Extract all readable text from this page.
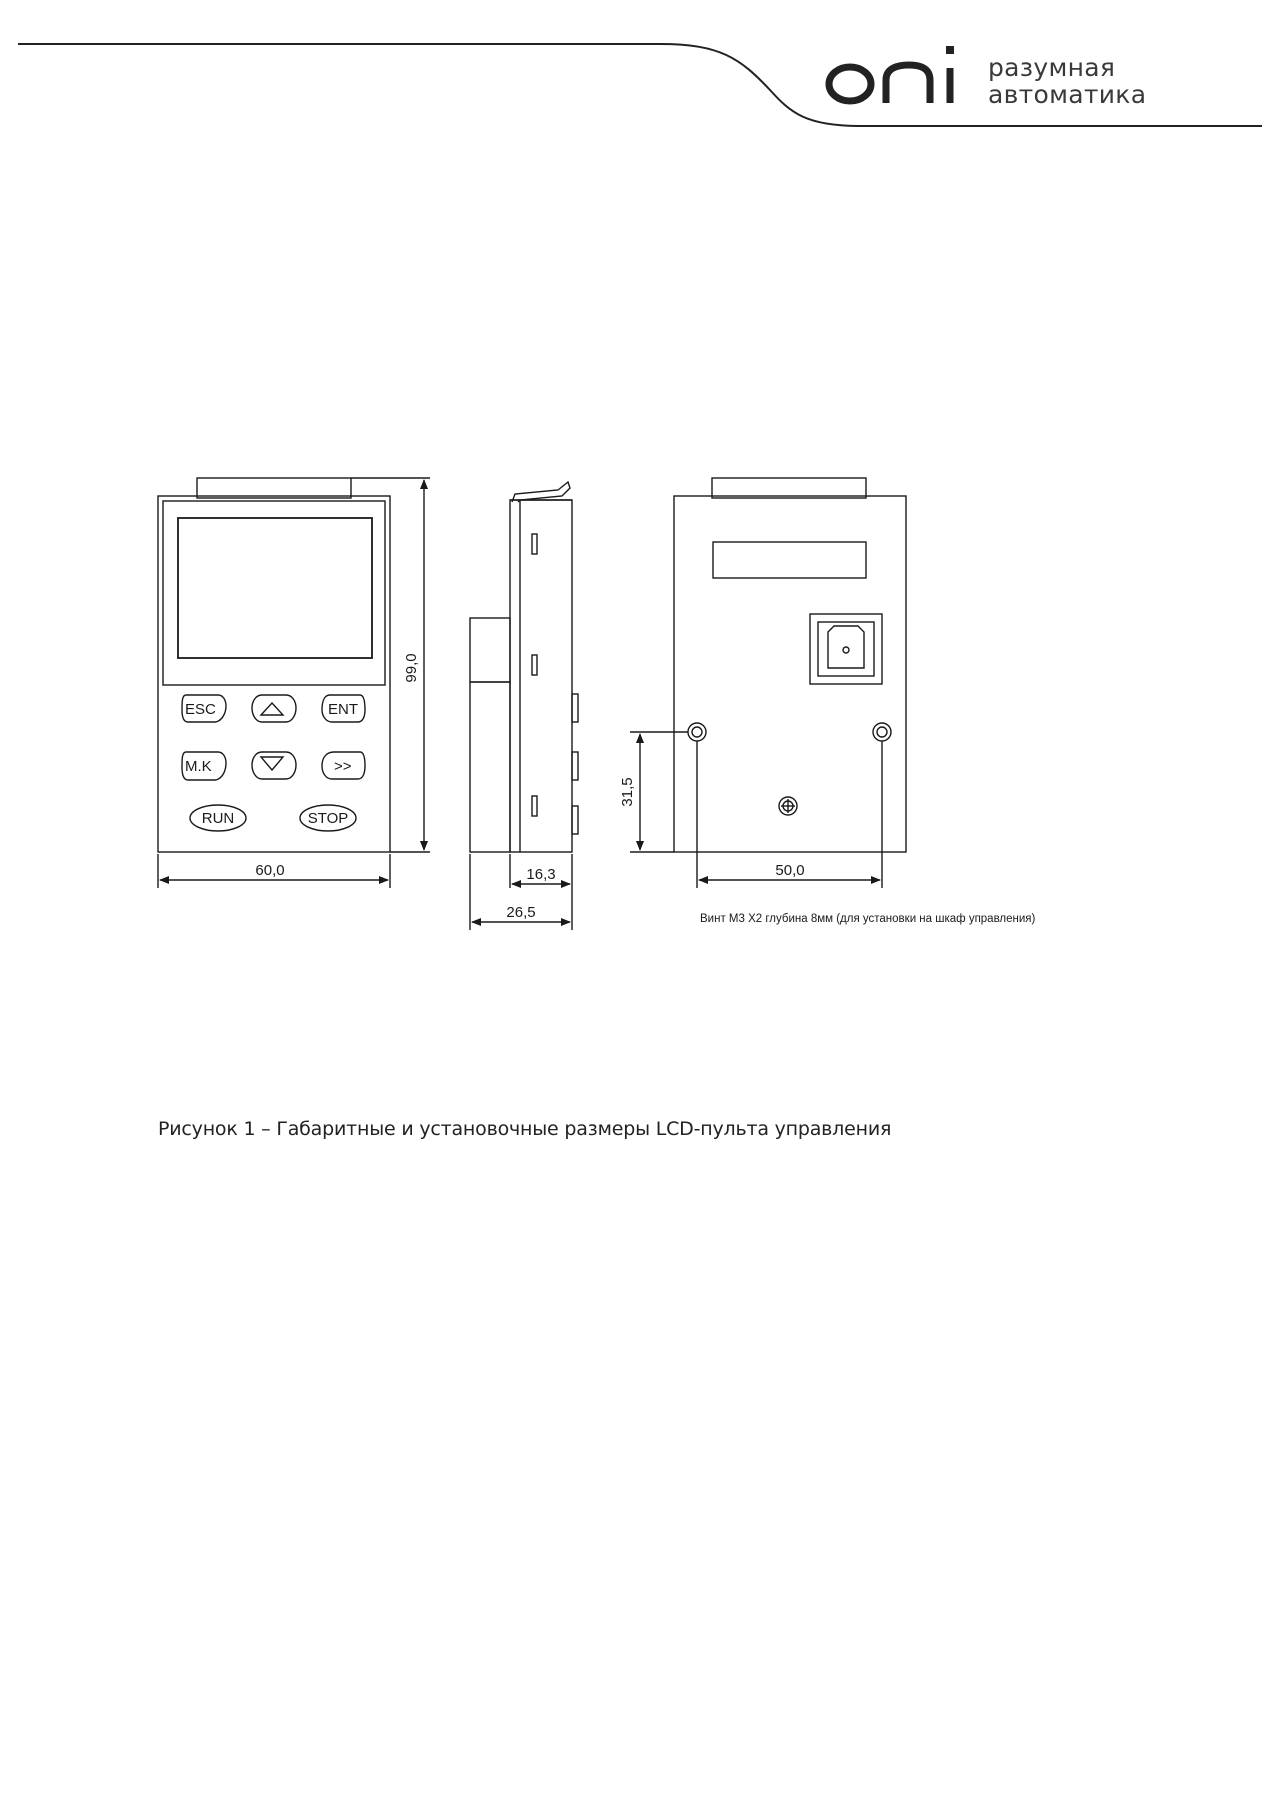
разумная
автоматика
ESC	ENT
M.K	>>
RUN	STOP
60,0
99,0
16,3
26,5
50,0
31,5
Винт М3 Х2 глубина 8мм (для установки на шкаф управления)
Рисунок 1 – Габаритные и установочные размеры LCD-пульта управления
